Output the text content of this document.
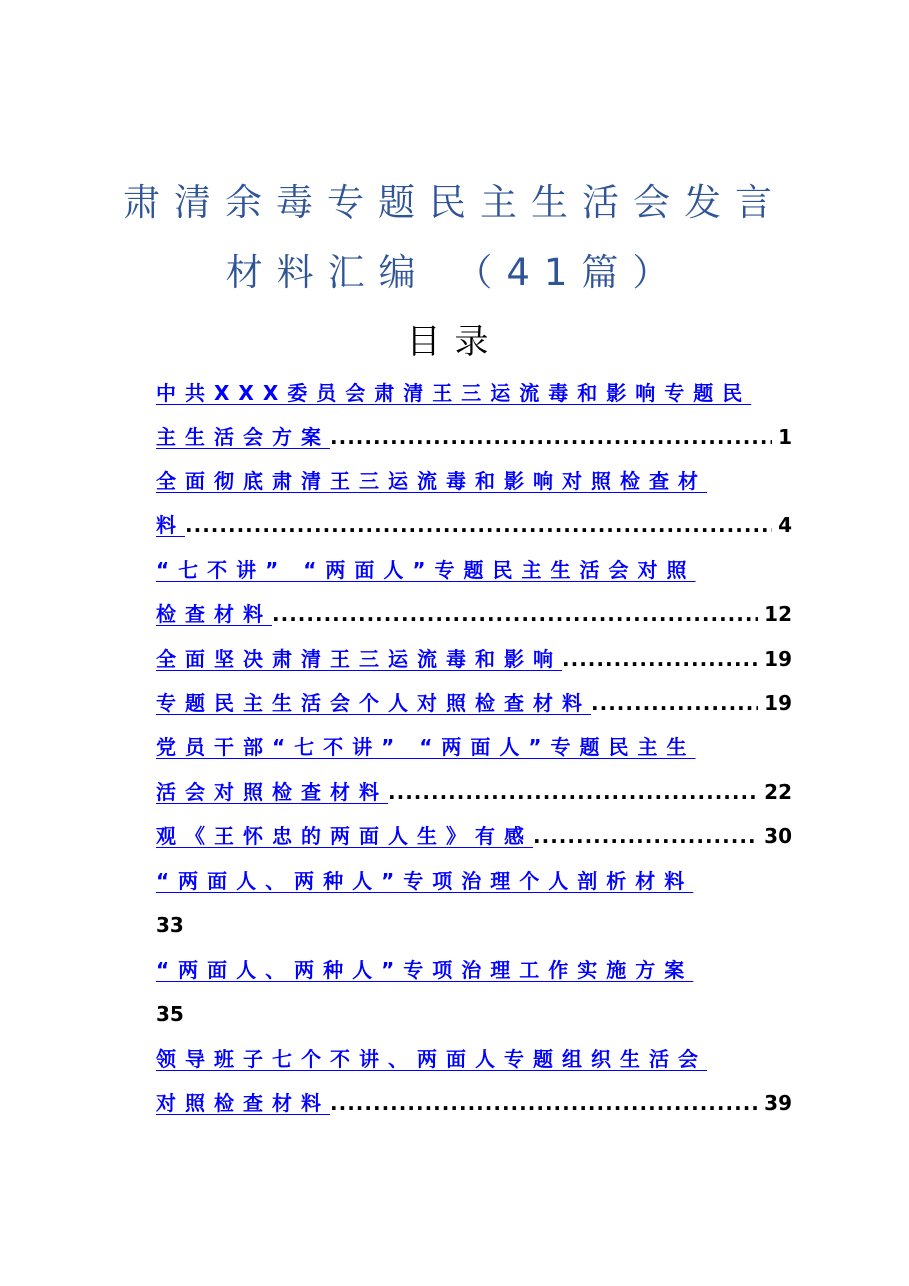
肃清余毒专题民主生活会发言
材料汇编 （41篇）
目录
中共XXX委员会肃清王三运流毒和影响专题民
主生活会方案 .....	1
全面彻底肃清王三运流毒和影响对照检查材
料 .....	4
“七不讲” “两面人”专题民主生活会对照
检查材料 .....	12
全面坚决肃清王三运流毒和影响 .....	19
专题民主生活会个人对照检查材料 .....	19
党员干部“七不讲” “两面人”专题民主生
活会对照检查材料 .....	22
观《王怀忠的两面人生》有感 .....	30
“两面人、两种人”专项治理个人剖析材料
33
“两面人、两种人”专项治理工作实施方案
35
领导班子七个不讲、两面人专题组织生活会
对照检查材料 .....	39
